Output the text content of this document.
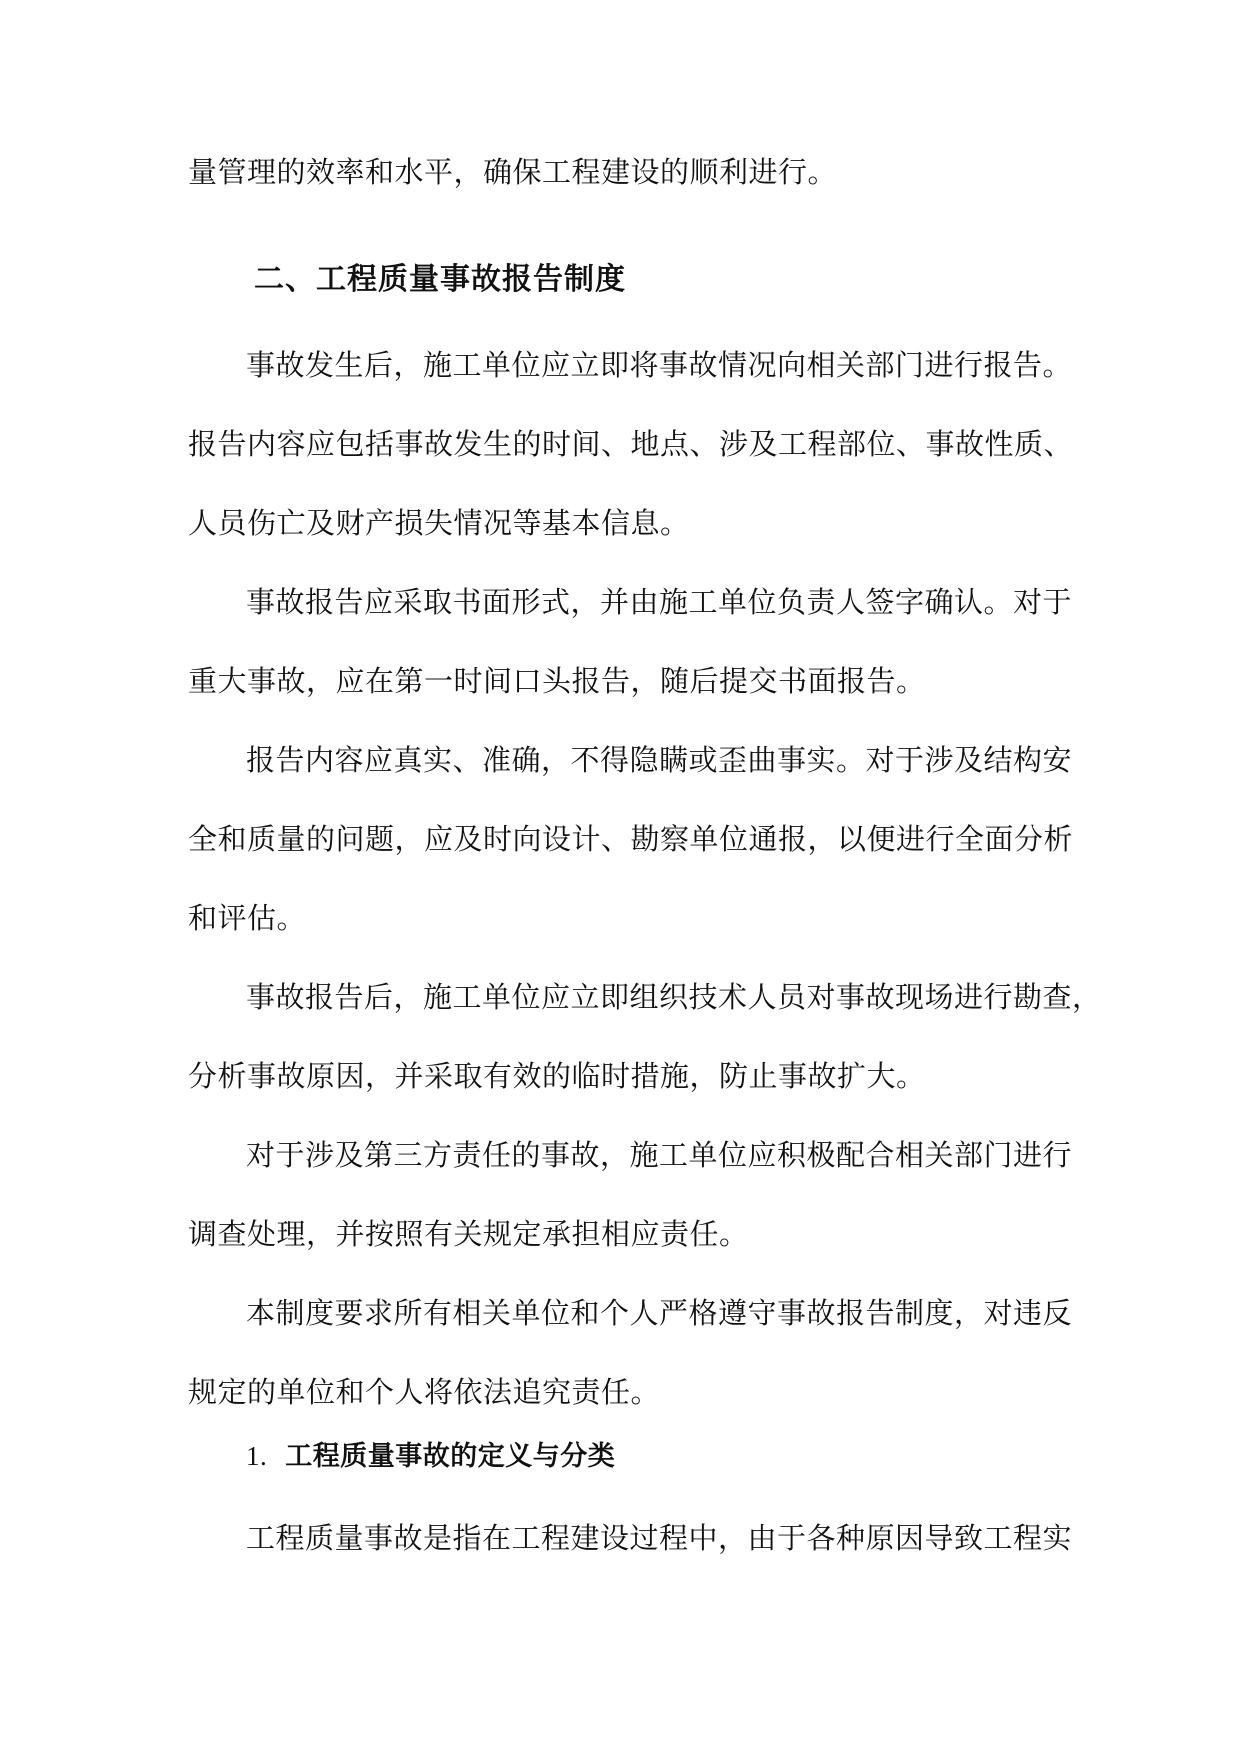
量管理的效率和水平，确保工程建设的顺利进行。
二、工程质量事故报告制度
事故发生后，施工单位应立即将事故情况向相关部门进行报告。
报告内容应包括事故发生的时间、地点、涉及工程部位、事故性质、
人员伤亡及财产损失情况等基本信息。
事故报告应采取书面形式，并由施工单位负责人签字确认。对于
重大事故，应在第一时间口头报告，随后提交书面报告。
报告内容应真实、准确，不得隐瞒或歪曲事实。对于涉及结构安
全和质量的问题，应及时向设计、勘察单位通报，以便进行全面分析
和评估。
事故报告后，施工单位应立即组织技术人员对事故现场进行勘查，
分析事故原因，并采取有效的临时措施，防止事故扩大。
对于涉及第三方责任的事故，施工单位应积极配合相关部门进行
调查处理，并按照有关规定承担相应责任。
本制度要求所有相关单位和个人严格遵守事故报告制度，对违反
规定的单位和个人将依法追究责任。
1. 工程质量事故的定义与分类
工程质量事故是指在工程建设过程中，由于各种原因导致工程实
